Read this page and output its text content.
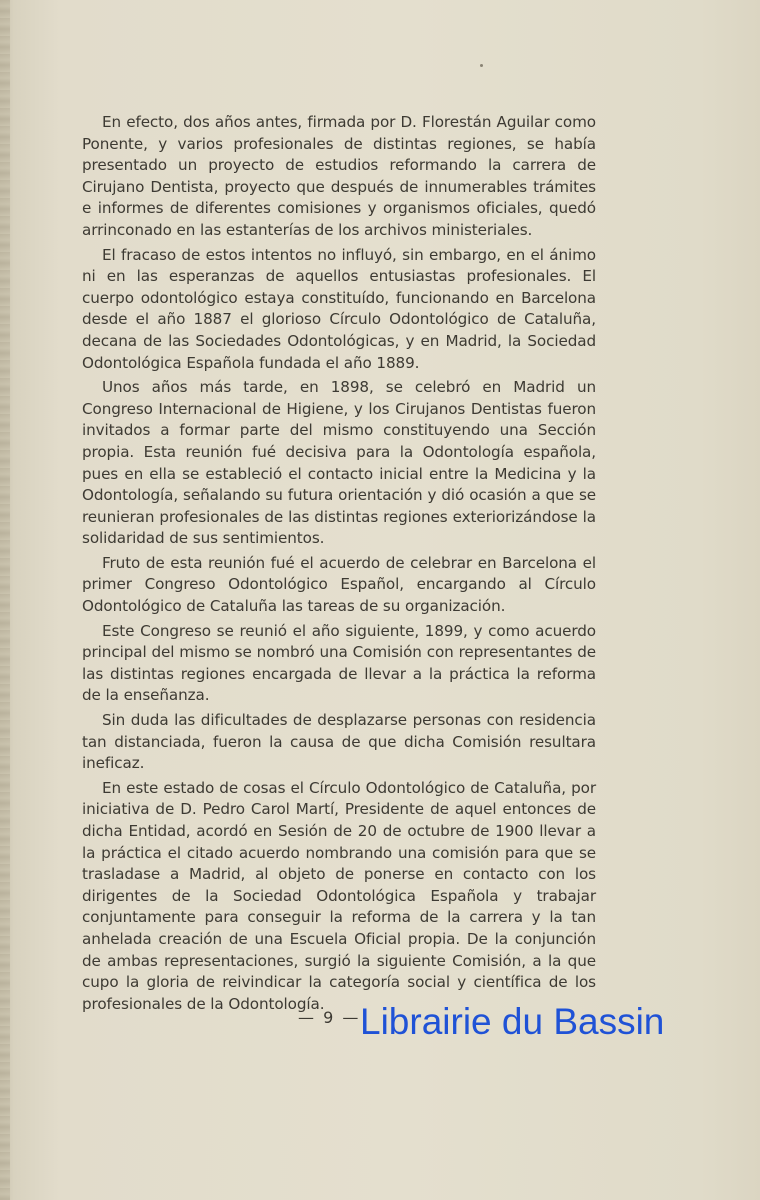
En efecto, dos años antes, firmada por D. Florestán Aguilar como Ponente, y varios profesionales de distintas regiones, se había presentado un proyecto de estudios reformando la carrera de Cirujano Dentista, proyecto que después de innumerables trámites e informes de diferentes comisiones y organismos oficiales, quedó arrinconado en las estanterías de los archivos ministeriales.

El fracaso de estos intentos no influyó, sin embargo, en el ánimo ni en las esperanzas de aquellos entusiastas profesionales. El cuerpo odontológico estaya constituído, funcionando en Barcelona desde el año 1887 el glorioso Círculo Odontológico de Cataluña, decana de las Sociedades Odontológicas, y en Madrid, la Sociedad Odontológica Española fundada el año 1889.

Unos años más tarde, en 1898, se celebró en Madrid un Congreso Internacional de Higiene, y los Cirujanos Dentistas fueron invitados a formar parte del mismo constituyendo una Sección propia. Esta reunión fué decisiva para la Odontología española, pues en ella se estableció el contacto inicial entre la Medicina y la Odontología, señalando su futura orientación y dió ocasión a que se reunieran profesionales de las distintas regiones exteriorizándose la solidaridad de sus sentimientos.

Fruto de esta reunión fué el acuerdo de celebrar en Barcelona el primer Congreso Odontológico Español, encargando al Círculo Odontológico de Cataluña las tareas de su organización.

Este Congreso se reunió el año siguiente, 1899, y como acuerdo principal del mismo se nombró una Comisión con representantes de las distintas regiones encargada de llevar a la práctica la reforma de la enseñanza.

Sin duda las dificultades de desplazarse personas con residencia tan distanciada, fueron la causa de que dicha Comisión resultara ineficaz.

En este estado de cosas el Círculo Odontológico de Cataluña, por iniciativa de D. Pedro Carol Martí, Presidente de aquel entonces de dicha Entidad, acordó en Sesión de 20 de octubre de 1900 llevar a la práctica el citado acuerdo nombrando una comisión para que se trasladase a Madrid, al objeto de ponerse en contacto con los dirigentes de la Sociedad Odontológica Española y trabajar conjuntamente para conseguir la reforma de la carrera y la tan anhelada creación de una Escuela Oficial propia. De la conjunción de ambas representaciones, surgió la siguiente Comisión, a la que cupo la gloria de reivindicar la categoría social y científica de los profesionales de la Odontología.

— 9 — Librairie du Bassin
